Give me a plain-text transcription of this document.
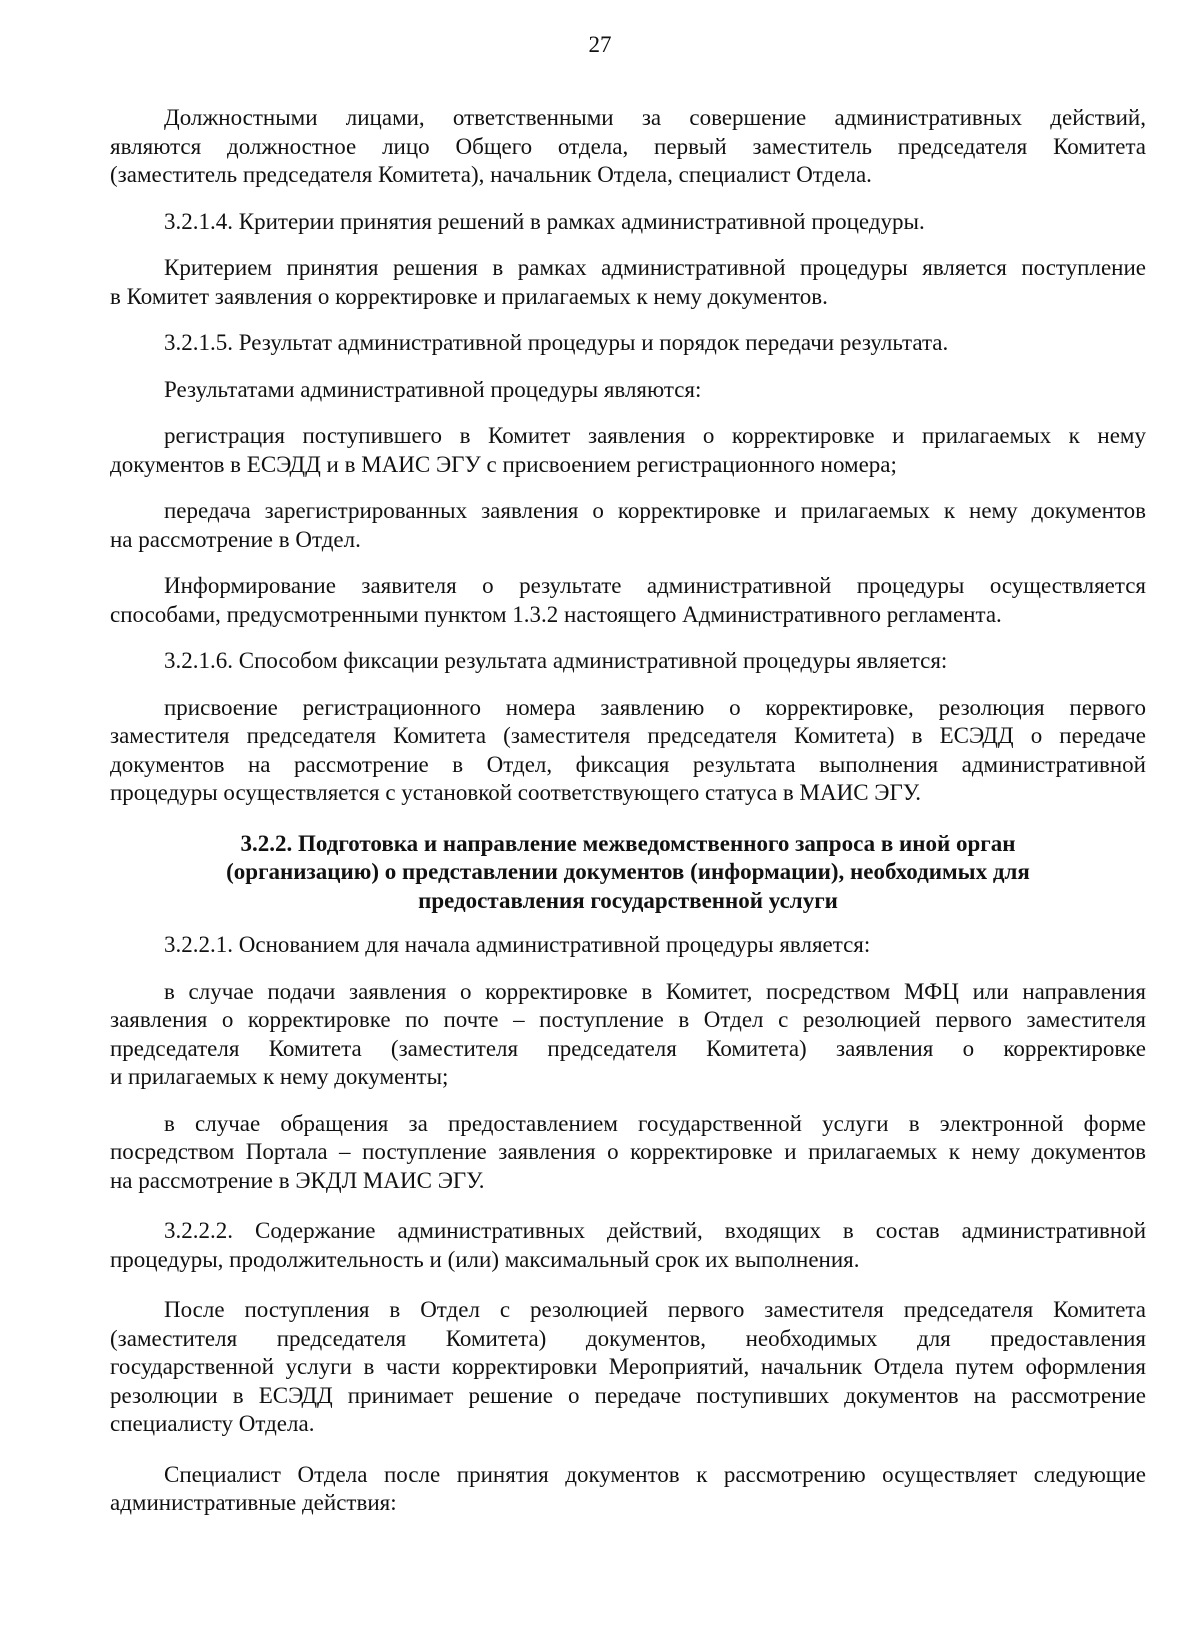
27
Должностными лицами, ответственными за совершение административных действий,
являются должностное лицо Общего отдела, первый заместитель председателя Комитета
(заместитель председателя Комитета), начальник Отдела, специалист Отдела.
3.2.1.4. Критерии принятия решений в рамках административной процедуры.
Критерием принятия решения в рамках административной процедуры является поступление
в Комитет заявления о корректировке и прилагаемых к нему документов.
3.2.1.5. Результат административной процедуры и порядок передачи результата.
Результатами административной процедуры являются:
регистрация поступившего в Комитет заявления о корректировке и прилагаемых к нему
документов в ЕСЭДД и в МАИС ЭГУ с присвоением регистрационного номера;
передача зарегистрированных заявления о корректировке и прилагаемых к нему документов
на рассмотрение в Отдел.
Информирование заявителя о результате административной процедуры осуществляется
способами, предусмотренными пунктом 1.3.2 настоящего Административного регламента.
3.2.1.6. Способом фиксации результата административной процедуры является:
присвоение регистрационного номера заявлению о корректировке, резолюция первого
заместителя председателя Комитета (заместителя председателя Комитета) в ЕСЭДД о передаче
документов на рассмотрение в Отдел, фиксация результата выполнения административной
процедуры осуществляется с установкой соответствующего статуса в МАИС ЭГУ.
3.2.2. Подготовка и направление межведомственного запроса в иной орган
(организацию) о представлении документов (информации), необходимых для
предоставления государственной услуги
3.2.2.1. Основанием для начала административной процедуры является:
в случае подачи заявления о корректировке в Комитет, посредством МФЦ или направления
заявления о корректировке по почте – поступление в Отдел с резолюцией первого заместителя
председателя Комитета (заместителя председателя Комитета) заявления о корректировке
и прилагаемых к нему документы;
в случае обращения за предоставлением государственной услуги в электронной форме
посредством Портала – поступление заявления о корректировке и прилагаемых к нему документов
на рассмотрение в ЭКДЛ МАИС ЭГУ.
3.2.2.2. Содержание административных действий, входящих в состав административной
процедуры, продолжительность и (или) максимальный срок их выполнения.
После поступления в Отдел с резолюцией первого заместителя председателя Комитета
(заместителя председателя Комитета) документов, необходимых для предоставления
государственной услуги в части корректировки Мероприятий, начальник Отдела путем оформления
резолюции в ЕСЭДД принимает решение о передаче поступивших документов на рассмотрение
специалисту Отдела.
Специалист Отдела после принятия документов к рассмотрению осуществляет следующие
административные действия:
